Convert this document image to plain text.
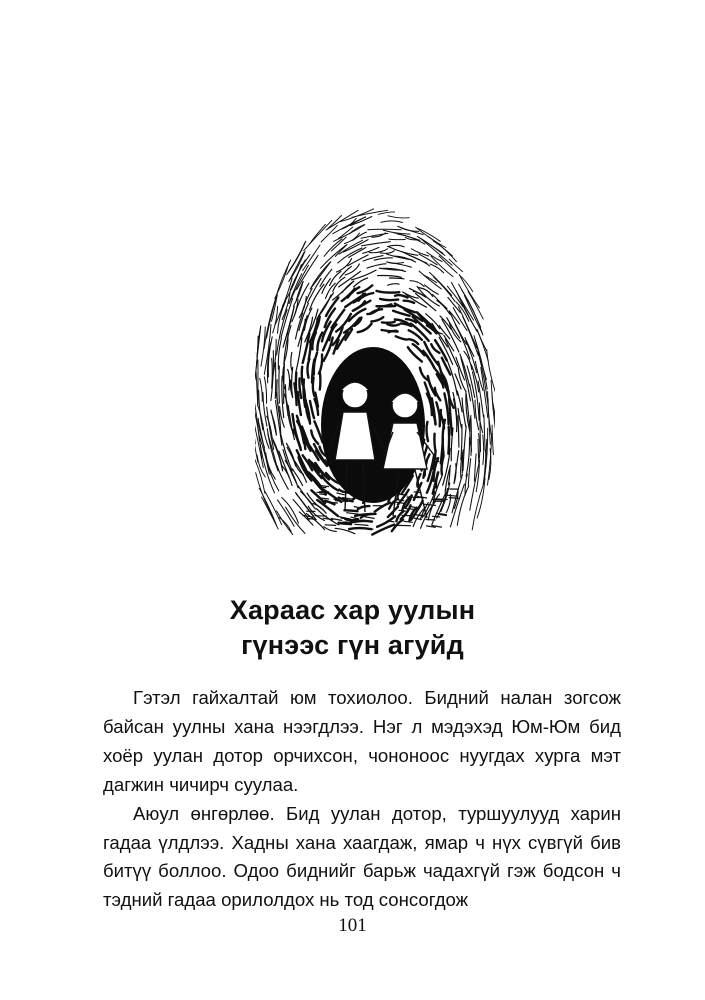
Хараас хар уулын
гүнээс гүн агуйд

Гэтэл гайхалтай юм тохиолоо. Бидний налан зогсож байсан уулны хана нээгдлээ. Нэг л мэдэхэд Юм-Юм бид хоёр уулан дотор орчихсон, чононоос нуугдах хурга мэт дагжин чичирч суулаа.

Аюул өнгөрлөө. Бид уулан дотор, туршуулууд харин гадаа үлдлээ. Хадны хана хаагдаж, ямар ч нүх сүвгүй бив битүү боллоо. Одоо биднийг барьж чадахгүй гэж бодсон ч тэдний гадаа орилолдох нь тод сонсогдож

101
